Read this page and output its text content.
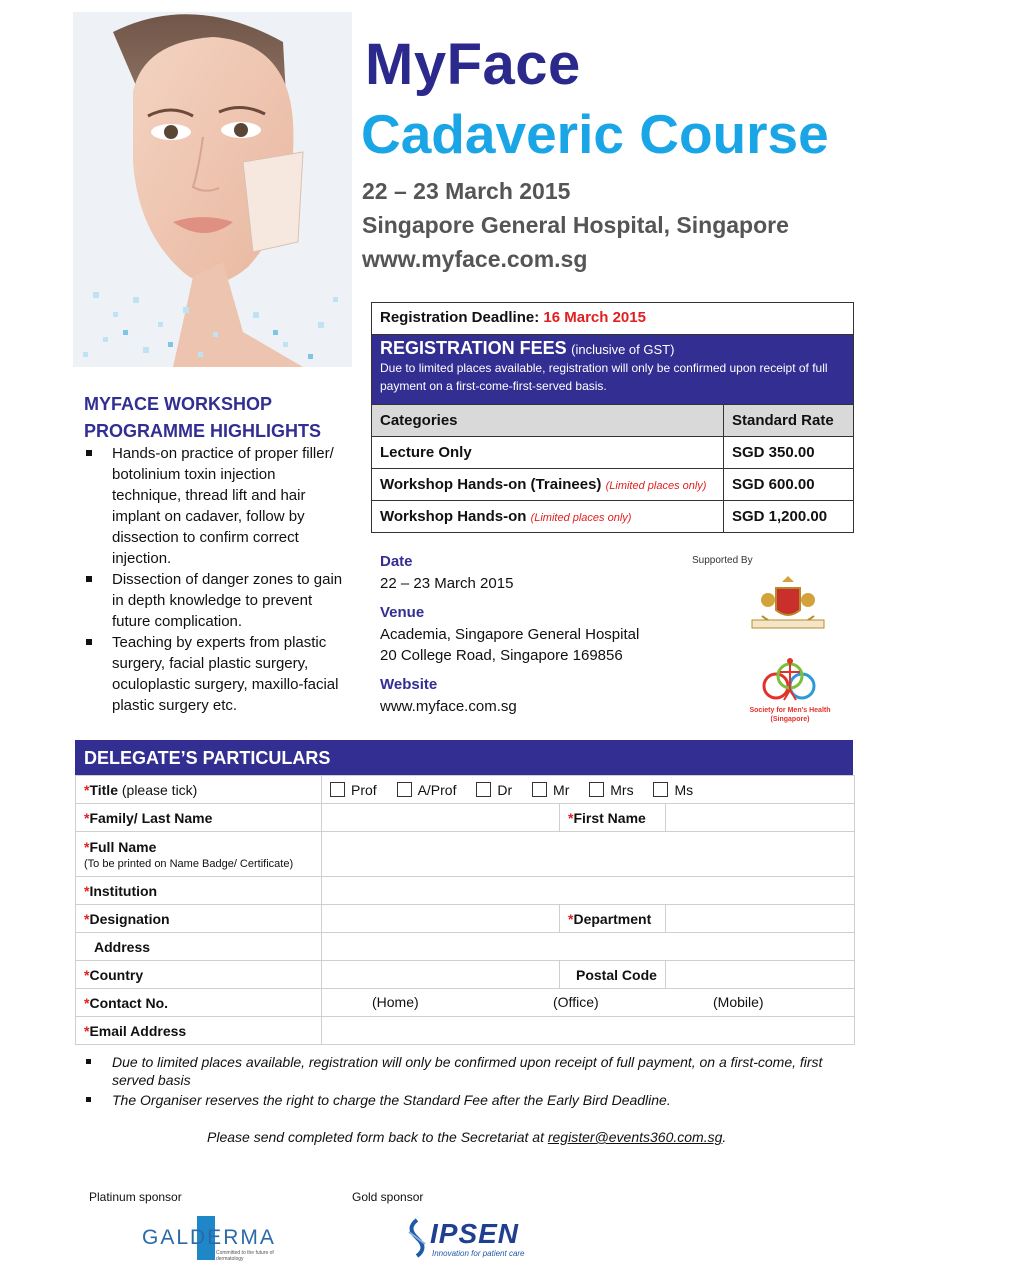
MyFace
Cadaveric Course
22 – 23 March 2015
Singapore General Hospital, Singapore
www.myface.com.sg
Registration Deadline: 16 March 2015
REGISTRATION FEES (inclusive of GST)
Due to limited places available, registration will only be confirmed upon receipt of full payment on a first-come-first-served basis.
Categories	Standard Rate
Lecture Only	SGD 350.00
Workshop Hands-on (Trainees) (Limited places only)	SGD 600.00
Workshop Hands-on (Limited places only)	SGD 1,200.00
MYFACE WORKSHOP
PROGRAMME HIGHLIGHTS
Hands-on practice of proper filler/ botolinium toxin injection technique, thread lift and hair implant on cadaver, follow by dissection to confirm correct injection.
Dissection of danger zones to gain in depth knowledge to prevent future complication.
Teaching by experts from plastic surgery, facial plastic surgery, oculoplastic surgery, maxillo-facial plastic surgery etc.
Date
22 – 23 March 2015
Venue
Academia, Singapore General Hospital
20 College Road, Singapore 169856
Website
www.myface.com.sg
Supported By
Society for Men's Health
(Singapore)
DELEGATE’S PARTICULARS
*Title (please tick)	Prof A/Prof Dr Mr Mrs Ms		
*Family/ Last Name		*First Name	
*Full Name
(To be printed on Name Badge/ Certificate)			

*Institution			
*Designation		*Department	
Address			
*Country		Postal Code	
*Contact No.	(Home) (Office) (Mobile)		

*Email Address			
Due to limited places available, registration will only be confirmed upon receipt of full payment, on a first-come, first served basis
The Organiser reserves the right to charge the Standard Fee after the Early Bird Deadline.
Please send completed form back to the Secretariat at register@events360.com.sg.
Platinum sponsor	Gold sponsor
GALDERMA
Committed to the future of dermatology
IPSEN
Innovation for patient care
